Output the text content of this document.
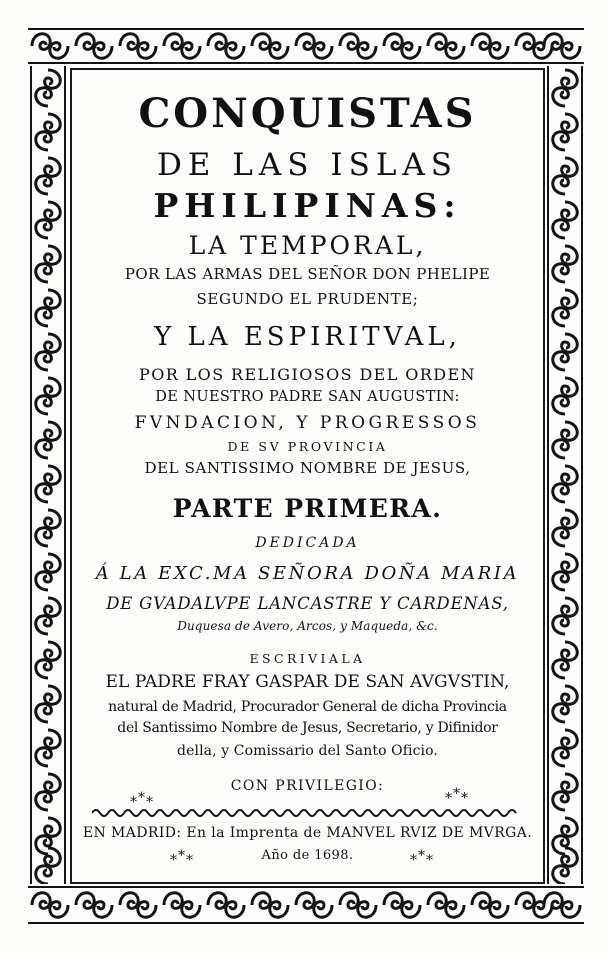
CONQUISTAS
DE LAS ISLAS
PHILIPINAS:
LA TEMPORAL,
POR LAS ARMAS DEL SEÑOR DON PHELIPE
SEGUNDO EL PRUDENTE;
Y LA ESPIRITVAL,
POR LOS RELIGIOSOS DEL ORDEN
DE NUESTRO PADRE SAN AUGUSTIN:
FVNDACION, Y PROGRESSOS
DE SV PROVINCIA
DEL SANTISSIMO NOMBRE DE JESUS,
PARTE PRIMERA.
DEDICADA
Á LA EXC.MA SEÑORA DOÑA MARIA
DE GVADALVPE LANCASTRE Y CARDENAS,
Duquesa de Avero, Arcos, y Maqueda, &c.
ESCRIVIALA
EL PADRE FRAY GASPAR DE SAN AVGVSTIN,
natural de Madrid, Procurador General de dicha Provincia
del Santissimo Nombre de Jesus, Secretario, y Difinidor
della, y Comissario del Santo Oficio.
CON PRIVILEGIO:
⁎*⁎	⁎*⁎
EN MADRID: En la Imprenta de MANVEL RVIZ DE MVRGA.
Año de 1698.
⁎*⁎	⁎*⁎
